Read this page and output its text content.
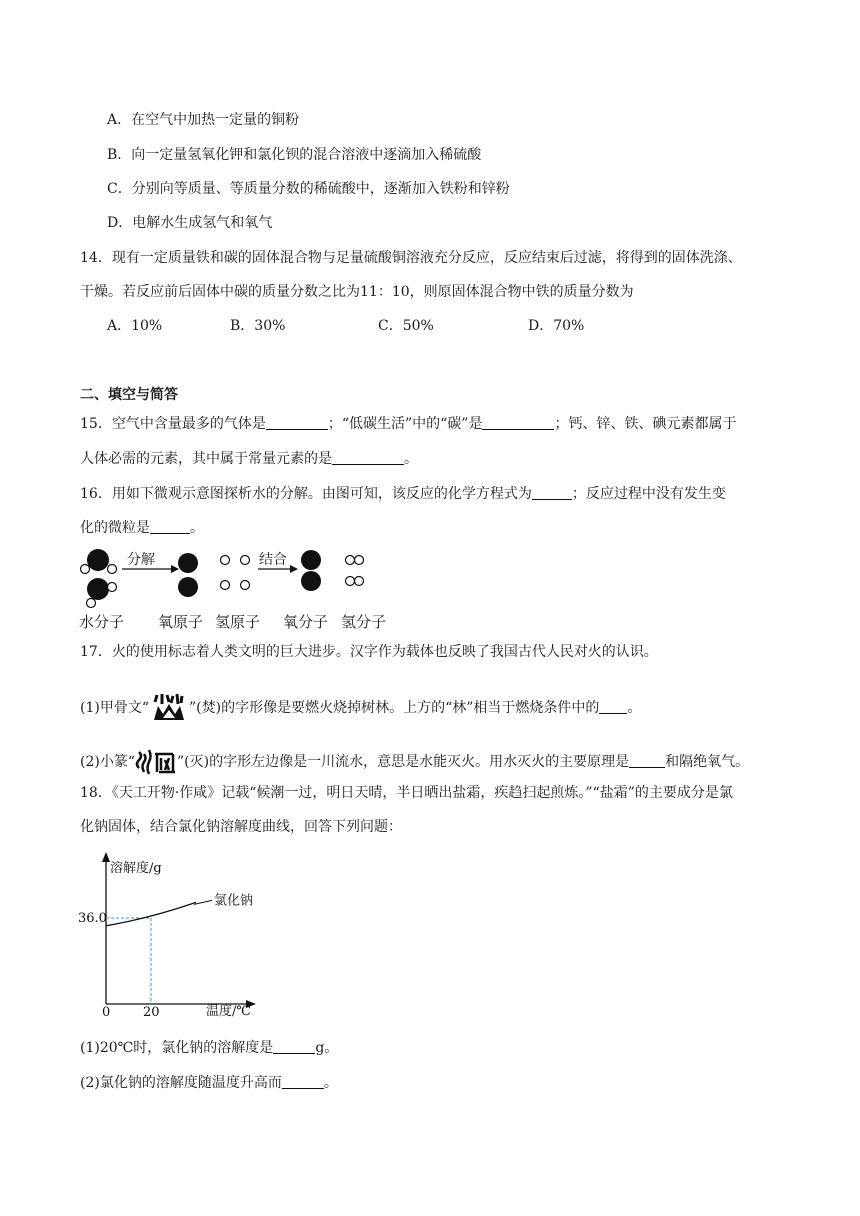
A．在空气中加热一定量的铜粉
B．向一定量氢氧化钾和氯化钡的混合溶液中逐滴加入稀硫酸
C．分别向等质量、等质量分数的稀硫酸中，逐渐加入铁粉和锌粉
D．电解水生成氢气和氧气
14．现有一定质量铁和碳的固体混合物与足量硫酸铜溶液充分反应，反应结束后过滤，将得到的固体洗涤、
干燥。若反应前后固体中碳的质量分数之比为11：10，则原固体混合物中铁的质量分数为
A．10%	B．30%	C．50%	D．70%
二、填空与简答
15．空气中含量最多的气体是	；“低碳生活”中的“碳”是	；钙、锌、铁、碘元素都属于
人体必需的元素，其中属于常量元素的是	。
16．用如下微观示意图探析水的分解。由图可知，该反应的化学方程式为	；反应过程中没有发生变
化的微粒是	。
分解	结合
水分子 氧原子 氢原子 氧分子 氢分子
17．火的使用标志着人类文明的巨大进步。汉字作为载体也反映了我国古代人民对火的认识。
(1)甲骨文“	”(焚)的字形像是要燃火烧掉树林。上方的“林”相当于燃烧条件中的 。
(2)小篆“	”(灭)的字形左边像是一川流水，意思是水能灭火。用水灭火的主要原理是	和隔绝氧气。
18．《天工开物·作咸》记载“候潮一过，明日天晴，半日晒出盐霜，疾趋扫起煎炼。”“盐霜”的主要成分是氯
化钠固体，结合氯化钠溶解度曲线，回答下列问题：
溶解度/g
温度/℃
36.0
0	20
氯化钠
(1)20℃时，氯化钠的溶解度是	g。
(2)氯化钠的溶解度随温度升高而	。
